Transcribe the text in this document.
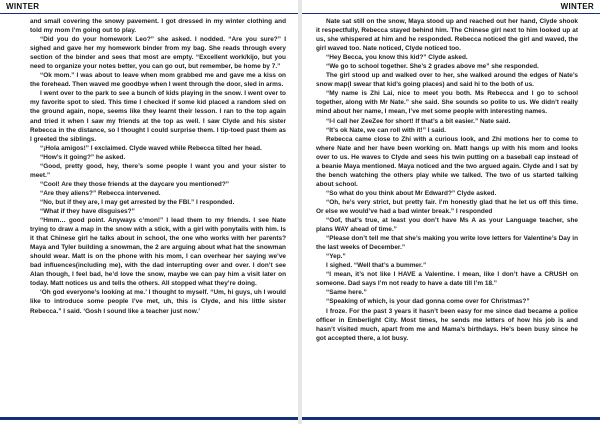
WINTER

and small covering the snowy pavement. I got dressed in my winter clothing and told my mom I’m going out to play.

“Did you do your homework Leo?” she asked. I nodded. “Are you sure?” I sighed and gave her my homework binder from my bag. She reads through every section of the binder and sees that most are empty. “Excellent work/kijo, but you need to organize your notes better, you can go out, but remember, be home by 7.”

“Ok mom.” I was about to leave when mom grabbed me and gave me a kiss on the forehead. Then waved me goodbye when I went through the door, sled in arms.

I went over to the park to see a bunch of kids playing in the snow. I went over to my favorite spot to sled. This time I checked if some kid placed a random sled on the ground again, nope, seems like they learnt their lesson. I ran to the top again and tried it when I saw my friends at the top as well. I saw Clyde and his sister Rebecca in the distance, so I thought I could surprise them. I tip-toed past them as I greeted the siblings.

“¡Hola amigos!” I exclaimed. Clyde waved while Rebecca tilted her head.

“How’s it going?” he asked.

“Good, pretty good, hey, there’s some people I want you and your sister to meet.”

“Cool! Are they those friends at the daycare you mentioned?”

“Are they aliens?” Rebecca intervened.

“No, but if they are, I may get arrested by the FBI.” I responded.

“What if they have disguises?”

“Hmm… good point. Anyways c’mon!” I lead them to my friends. I see Nate trying to draw a map in the snow with a stick, with a girl with ponytails with him. Is it that Chinese girl he talks about in school, the one who works with her parents? Maya and Tyler building a snowman, the 2 are arguing about what hat the snowman should wear. Matt is on the phone with his mom, I can overhear her saying we’ve bad influences(including me), with the dad interrupting over and over. I don’t see Alan though, I feel bad, he’d love the snow, maybe we can pay him a visit later on today. Matt notices us and tells the others. All stopped what they’re doing.

‘Oh god everyone’s looking at me.’ I thought to myself. “Um, hi guys, uh I would like to introduce some people I’ve met, uh, this is Clyde, and his little sister Rebecca.” I said. ‘Gosh I sound like a teacher just now.’

WINTER

Nate sat still on the snow, Maya stood up and reached out her hand, Clyde shook it respectfully, Rebecca stayed behind him. The Chinese girl next to him looked up at us, she whispered at him and he responded. Rebecca noticed the girl and waved, the girl waved too. Nate noticed, Clyde noticed too.

“Hey Becca, you know this kid?” Clyde asked.

“We go to school together. She’s 2 grades above me” she responded.

The girl stood up and walked over to her, she walked around the edges of Nate’s snow map(I swear that kid’s going places) and said hi to the both of us.

“My name is Zhi Lai, nice to meet you both. Ms Rebecca and I go to school together, along with Mr Nate.” she said. She sounds so polite to us. We didn’t really mind about her name, I mean, I’ve met some people with interesting names.

“I-I call her ZeeZee for short! If that’s a bit easier.” Nate said.

“It’s ok Nate, we can roll with it!” I said.

Rebecca came close to Zhi with a curious look, and Zhi motions her to come to where Nate and her have been working on. Matt hangs up with his mom and looks over to us. He waves to Clyde and sees his twin putting on a baseball cap instead of a beanie Maya mentioned. Maya noticed and the two argued again. Clyde and I sat by the bench watching the others play while we talked. The two of us started talking about school.

“So what do you think about Mr Edward?” Clyde asked.

“Oh, he’s very strict, but pretty fair. I’m honestly glad that he let us off this time. Or else we would’ve had a bad winter break.” I responded

“Oof, that’s true, at least you don’t have Ms A as your Language teacher, she plans WAY ahead of time.”

“Please don’t tell me that she’s making you write love letters for Valentine’s Day in the last weeks of December.”

“Yep.”

I sighed. “Well that’s a bummer.”

“I mean, it’s not like I HAVE a Valentine. I mean, like I don’t have a CRUSH on someone. Dad says I’m not ready to have a date till I’m 18.”

“Same here.”

“Speaking of which, is your dad gonna come over for Christmas?”

I froze. For the past 3 years it hasn’t been easy for me since dad became a police officer in Emberlight City. Most times, he sends me letters of how his job is and hasn’t visited much, apart from me and Mama’s birthdays. He’s been busy since he got accepted there, a lot busy.
